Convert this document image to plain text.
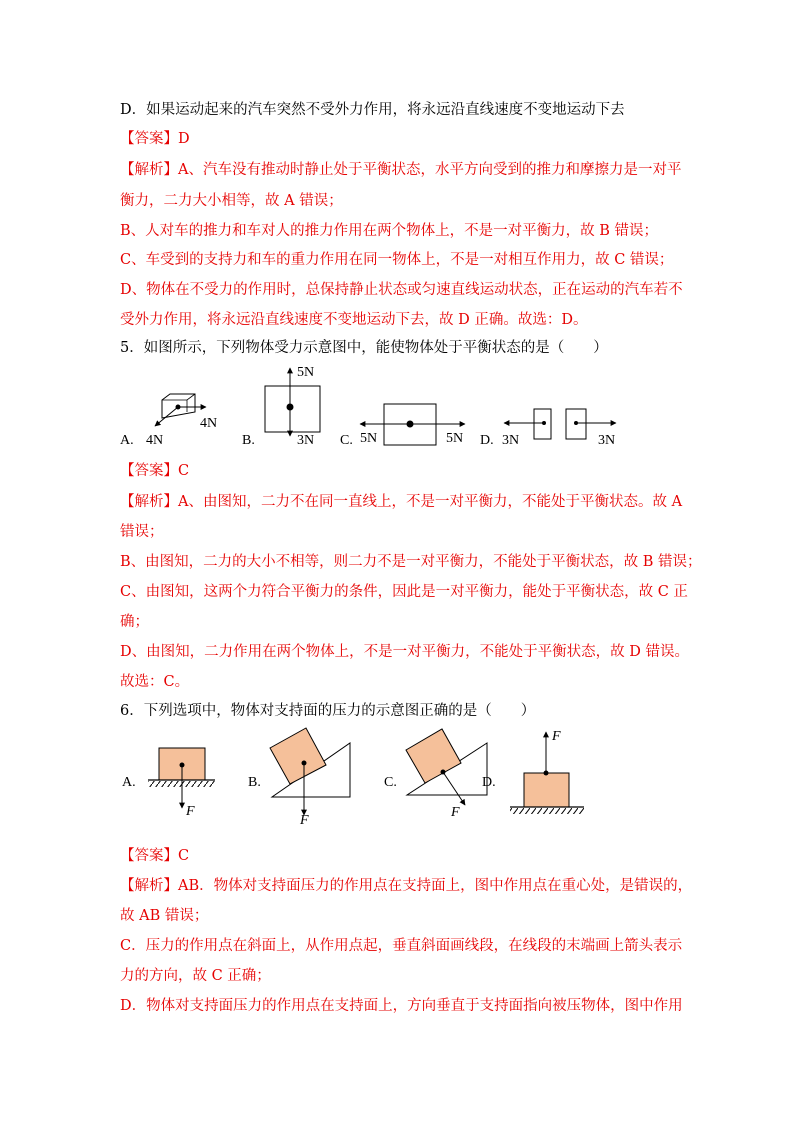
D．如果运动起来的汽车突然不受外力作用，将永远沿直线速度不变地运动下去
【答案】D
【解析】A、汽车没有推动时静止处于平衡状态，水平方向受到的推力和摩擦力是一对平
衡力，二力大小相等，故 A 错误；
B、人对车的推力和车对人的推力作用在两个物体上，不是一对平衡力，故 B 错误；
C、车受到的支持力和车的重力作用在同一物体上，不是一对相互作用力，故 C 错误；
D、物体在不受力的作用时，总保持静止状态或匀速直线运动状态，正在运动的汽车若不
受外力作用，将永远沿直线速度不变地运动下去，故 D 正确。故选：D。
5．如图所示，下列物体受力示意图中，能使物体处于平衡状态的是（　　）
A.
4N
4N	B.
5N
3N C. 5N	5N D. 3N	3N
【答案】C
【解析】A、由图知，二力不在同一直线上，不是一对平衡力，不能处于平衡状态。故 A
错误；
B、由图知，二力的大小不相等，则二力不是一对平衡力，不能处于平衡状态，故 B 错误；
C、由图知，这两个力符合平衡力的条件，因此是一对平衡力，能处于平衡状态，故 C 正
确；
D、由图知，二力作用在两个物体上，不是一对平衡力，不能处于平衡状态，故 D 错误。
故选：C。
6．下列选项中，物体对支持面的压力的示意图正确的是（　　）
A.
F
B.
F
C.
F
D.
F
【答案】C
【解析】AB．物体对支持面压力的作用点在支持面上，图中作用点在重心处，是错误的，
故 AB 错误；
C．压力的作用点在斜面上，从作用点起，垂直斜面画线段，在线段的末端画上箭头表示
力的方向，故 C 正确；
D．物体对支持面压力的作用点在支持面上，方向垂直于支持面指向被压物体，图中作用
